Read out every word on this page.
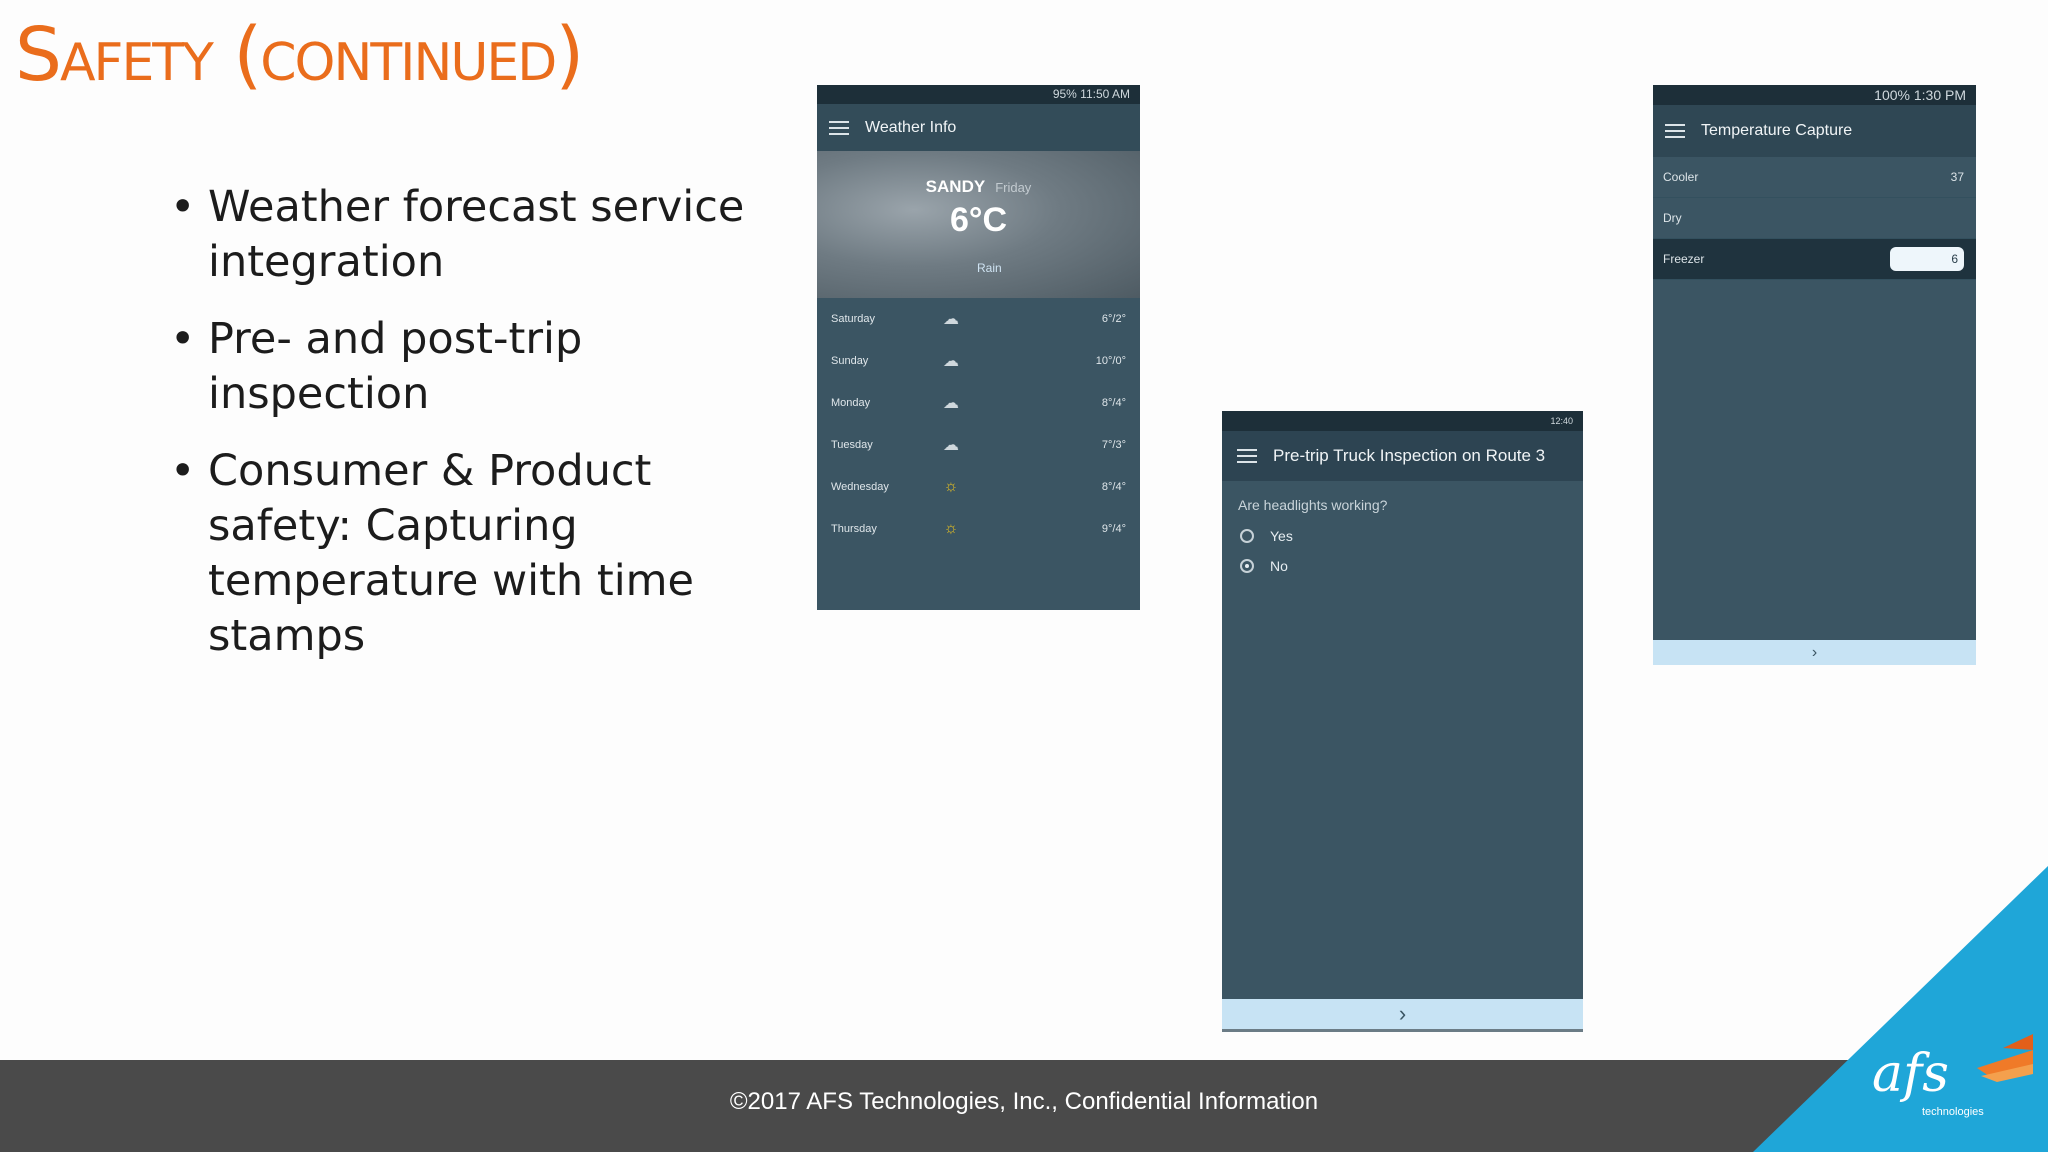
Safety (continued)
• Weather forecast service integration
• Pre- and post-trip inspection
• Consumer & Product safety: Capturing temperature with time stamps
95% 11:50 AM
Weather Info
SANDY Friday
6°C
Rain
Saturday	☁	6°/2°
Sunday	☁	10°/0°
Monday	☁	8°/4°
Tuesday	☁	7°/3°
Wednesday	☼	8°/4°
Thursday	☼	9°/4°
12:40
Pre-trip Truck Inspection on Route 3
Are headlights working?
Yes
No
›
100% 1:30 PM
Temperature Capture
Cooler	37
Dry
Freezer	6
›
©2017 AFS Technologies, Inc., Confidential Information	afs
technologies
